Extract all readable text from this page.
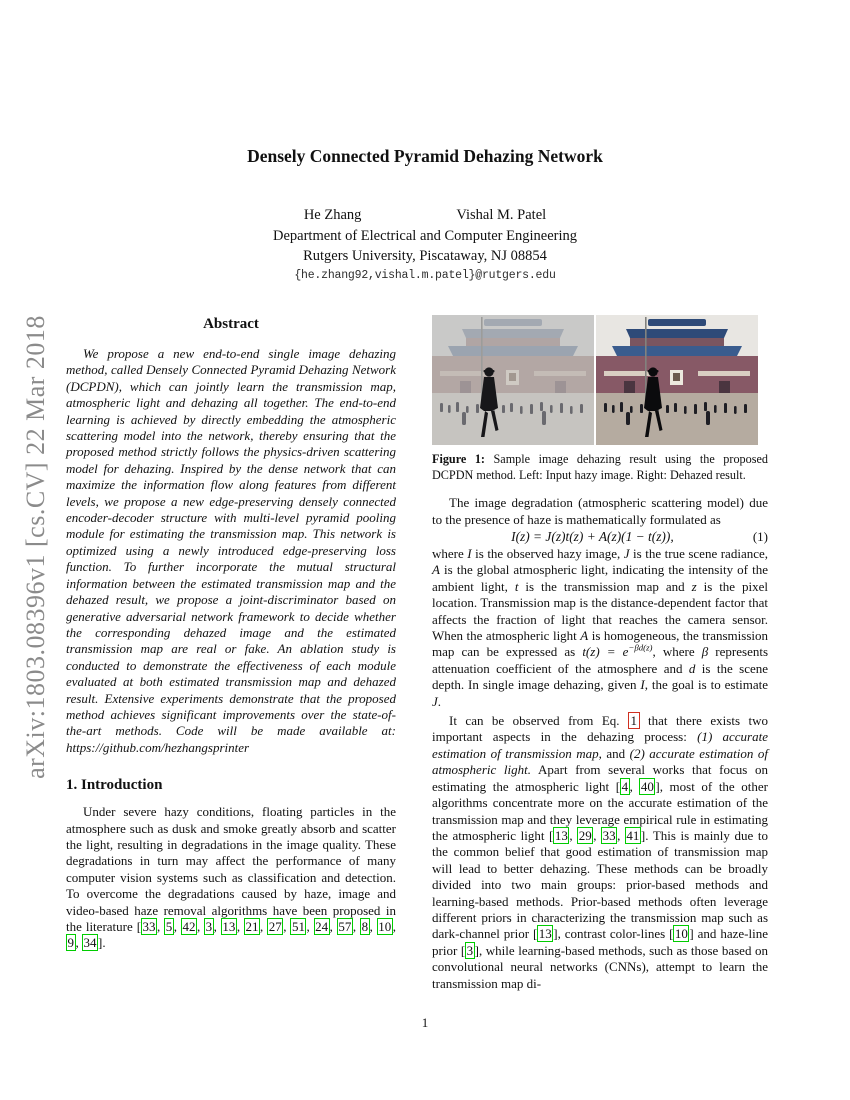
arXiv:1803.08396v1 [cs.CV] 22 Mar 2018
Densely Connected Pyramid Dehazing Network
He Zhang	Vishal M. Patel
Department of Electrical and Computer Engineering
Rutgers University, Piscataway, NJ 08854
{he.zhang92,vishal.m.patel}@rutgers.edu
Abstract
We propose a new end-to-end single image dehazing method, called Densely Connected Pyramid Dehazing Network (DCPDN), which can jointly learn the transmission map, atmospheric light and dehazing all together. The end-to-end learning is achieved by directly embedding the atmospheric scattering model into the network, thereby ensuring that the proposed method strictly follows the physics-driven scattering model for dehazing. Inspired by the dense network that can maximize the information flow along features from different levels, we propose a new edge-preserving densely connected encoder-decoder structure with multi-level pyramid pooling module for estimating the transmission map. This network is optimized using a newly introduced edge-preserving loss function. To further incorporate the mutual structural information between the estimated transmission map and the dehazed result, we propose a joint-discriminator based on generative adversarial network framework to decide whether the corresponding dehazed image and the estimated transmission map are real or fake. An ablation study is conducted to demonstrate the effectiveness of each module evaluated at both estimated transmission map and dehazed result. Extensive experiments demonstrate that the proposed method achieves significant improvements over the state-of-the-art methods. Code will be made available at: https://github.com/hezhangsprinter
1. Introduction
Under severe hazy conditions, floating particles in the atmosphere such as dusk and smoke greatly absorb and scatter the light, resulting in degradations in the image quality. These degradations in turn may affect the performance of many computer vision systems such as classification and detection. To overcome the degradations caused by haze, image and video-based haze removal algorithms have been proposed in the literature [ 33 , 5 , 42 , 3 , 13 , 21 , 27 , 51 , 24 , 57 , 8 , 10 , 9 , 34 ].
Figure 1: Sample image dehazing result using the proposed DCPDN method. Left: Input hazy image. Right: Dehazed result.
The image degradation (atmospheric scattering model) due to the presence of haze is mathematically formulated as
I(z) = J(z)t(z) + A(z)(1 − t(z)),	(1)
where I is the observed hazy image, J is the true scene radiance, A is the global atmospheric light, indicating the intensity of the ambient light, t is the transmission map and z is the pixel location. Transmission map is the distance-dependent factor that affects the fraction of light that reaches the camera sensor. When the atmospheric light A is homogeneous, the transmission map can be expressed as $t(z) = e^{-\beta d(z)}$, where β represents attenuation coefficient of the atmosphere and d is the scene depth. In single image dehazing, given I, the goal is to estimate J.
It can be observed from Eq. 1 that there exists two important aspects in the dehazing process: (1) accurate estimation of transmission map, and (2) accurate estimation of atmospheric light. Apart from several works that focus on estimating the atmospheric light [ 4 , 40 ], most of the other algorithms concentrate more on the accurate estimation of the transmission map and they leverage empirical rule in estimating the atmospheric light [ 13 , 29 , 33 , 41 ]. This is mainly due to the common belief that good estimation of transmission map will lead to better dehazing. These methods can be broadly divided into two main groups: prior-based methods and learning-based methods. Prior-based methods often leverage different priors in characterizing the transmission map such as dark-channel prior [ 13 ], contrast color-lines [ 10 ] and haze-line prior [ 3 ], while learning-based methods, such as those based on convolutional neural networks (CNNs), attempt to learn the transmission map di-
1
